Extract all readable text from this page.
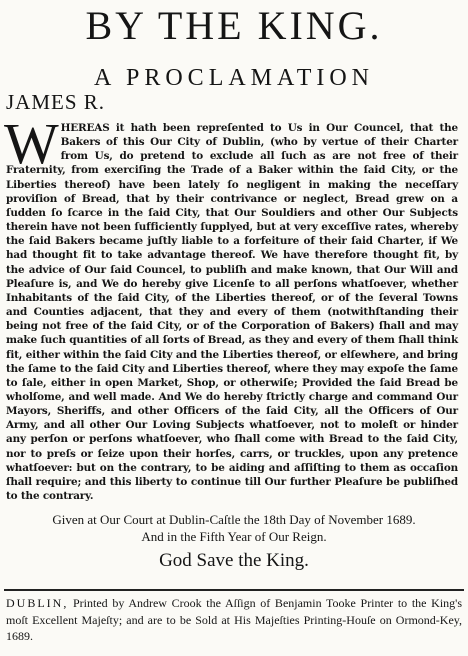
BY THE KING.
A PROCLAMATION
JAMES R.
WHEREAS it hath been repreſented to Us in Our Councel, that the Bakers of this Our City of Dublin, (who by vertue of their Charter from Us, do pretend to exclude all ſuch as are not free of their Fraternity, from exerciſing the Trade of a Baker within the ſaid City, or the Liberties thereof) have been lately ſo negligent in making the neceſſary proviſion of Bread, that by their contrivance or neglect, Bread grew on a ſudden ſo ſcarce in the ſaid City, that Our Souldiers and other Our Subjects therein have not been ſufficiently ſupplyed, but at very exceſſive rates, whereby the ſaid Bakers became juſtly liable to a forfeiture of their ſaid Charter, if We had thought fit to take advantage thereof. We have therefore thought fit, by the advice of Our ſaid Councel, to publiſh and make known, that Our Will and Pleaſure is, and We do hereby give Licenſe to all perſons whatſoever, whether Inhabitants of the ſaid City, of the Liberties thereof, or of the ſeveral Towns and Counties adjacent, that they and every of them (notwithſtanding their being not free of the ſaid City, or of the Corporation of Bakers) ſhall and may make ſuch quantities of all ſorts of Bread, as they and every of them ſhall think fit, either within the ſaid City and the Liberties thereof, or elſewhere, and bring the ſame to the ſaid City and Liberties thereof, where they may expoſe the ſame to ſale, either in open Market, Shop, or otherwiſe; Provided the ſaid Bread be wholſome, and well made. And We do hereby ſtrictly charge and command Our Mayors, Sheriffs, and other Officers of the ſaid City, all the Officers of Our Army, and all other Our Loving Subjects whatſoever, not to moleſt or hinder any perſon or perſons whatſoever, who ſhall come with Bread to the ſaid City, nor to preſs or ſeize upon their horſes, carrs, or truckles, upon any pretence whatſoever: but on the contrary, to be aiding and aſſiſting to them as occaſion ſhall require; and this liberty to continue till Our further Pleaſure be publiſhed to the contrary.
Given at Our Court at Dublin-Caſtle the 18th Day of November 1689.
And in the Fifth Year of Our Reign.
God Save the King.
DUBLIN, Printed by Andrew Crook the Aſſign of Benjamin Tooke Printer to the King's moſt Excellent Majeſty; and are to be Sold at His Majeſties Printing-Houſe on Ormond-Key, 1689.
